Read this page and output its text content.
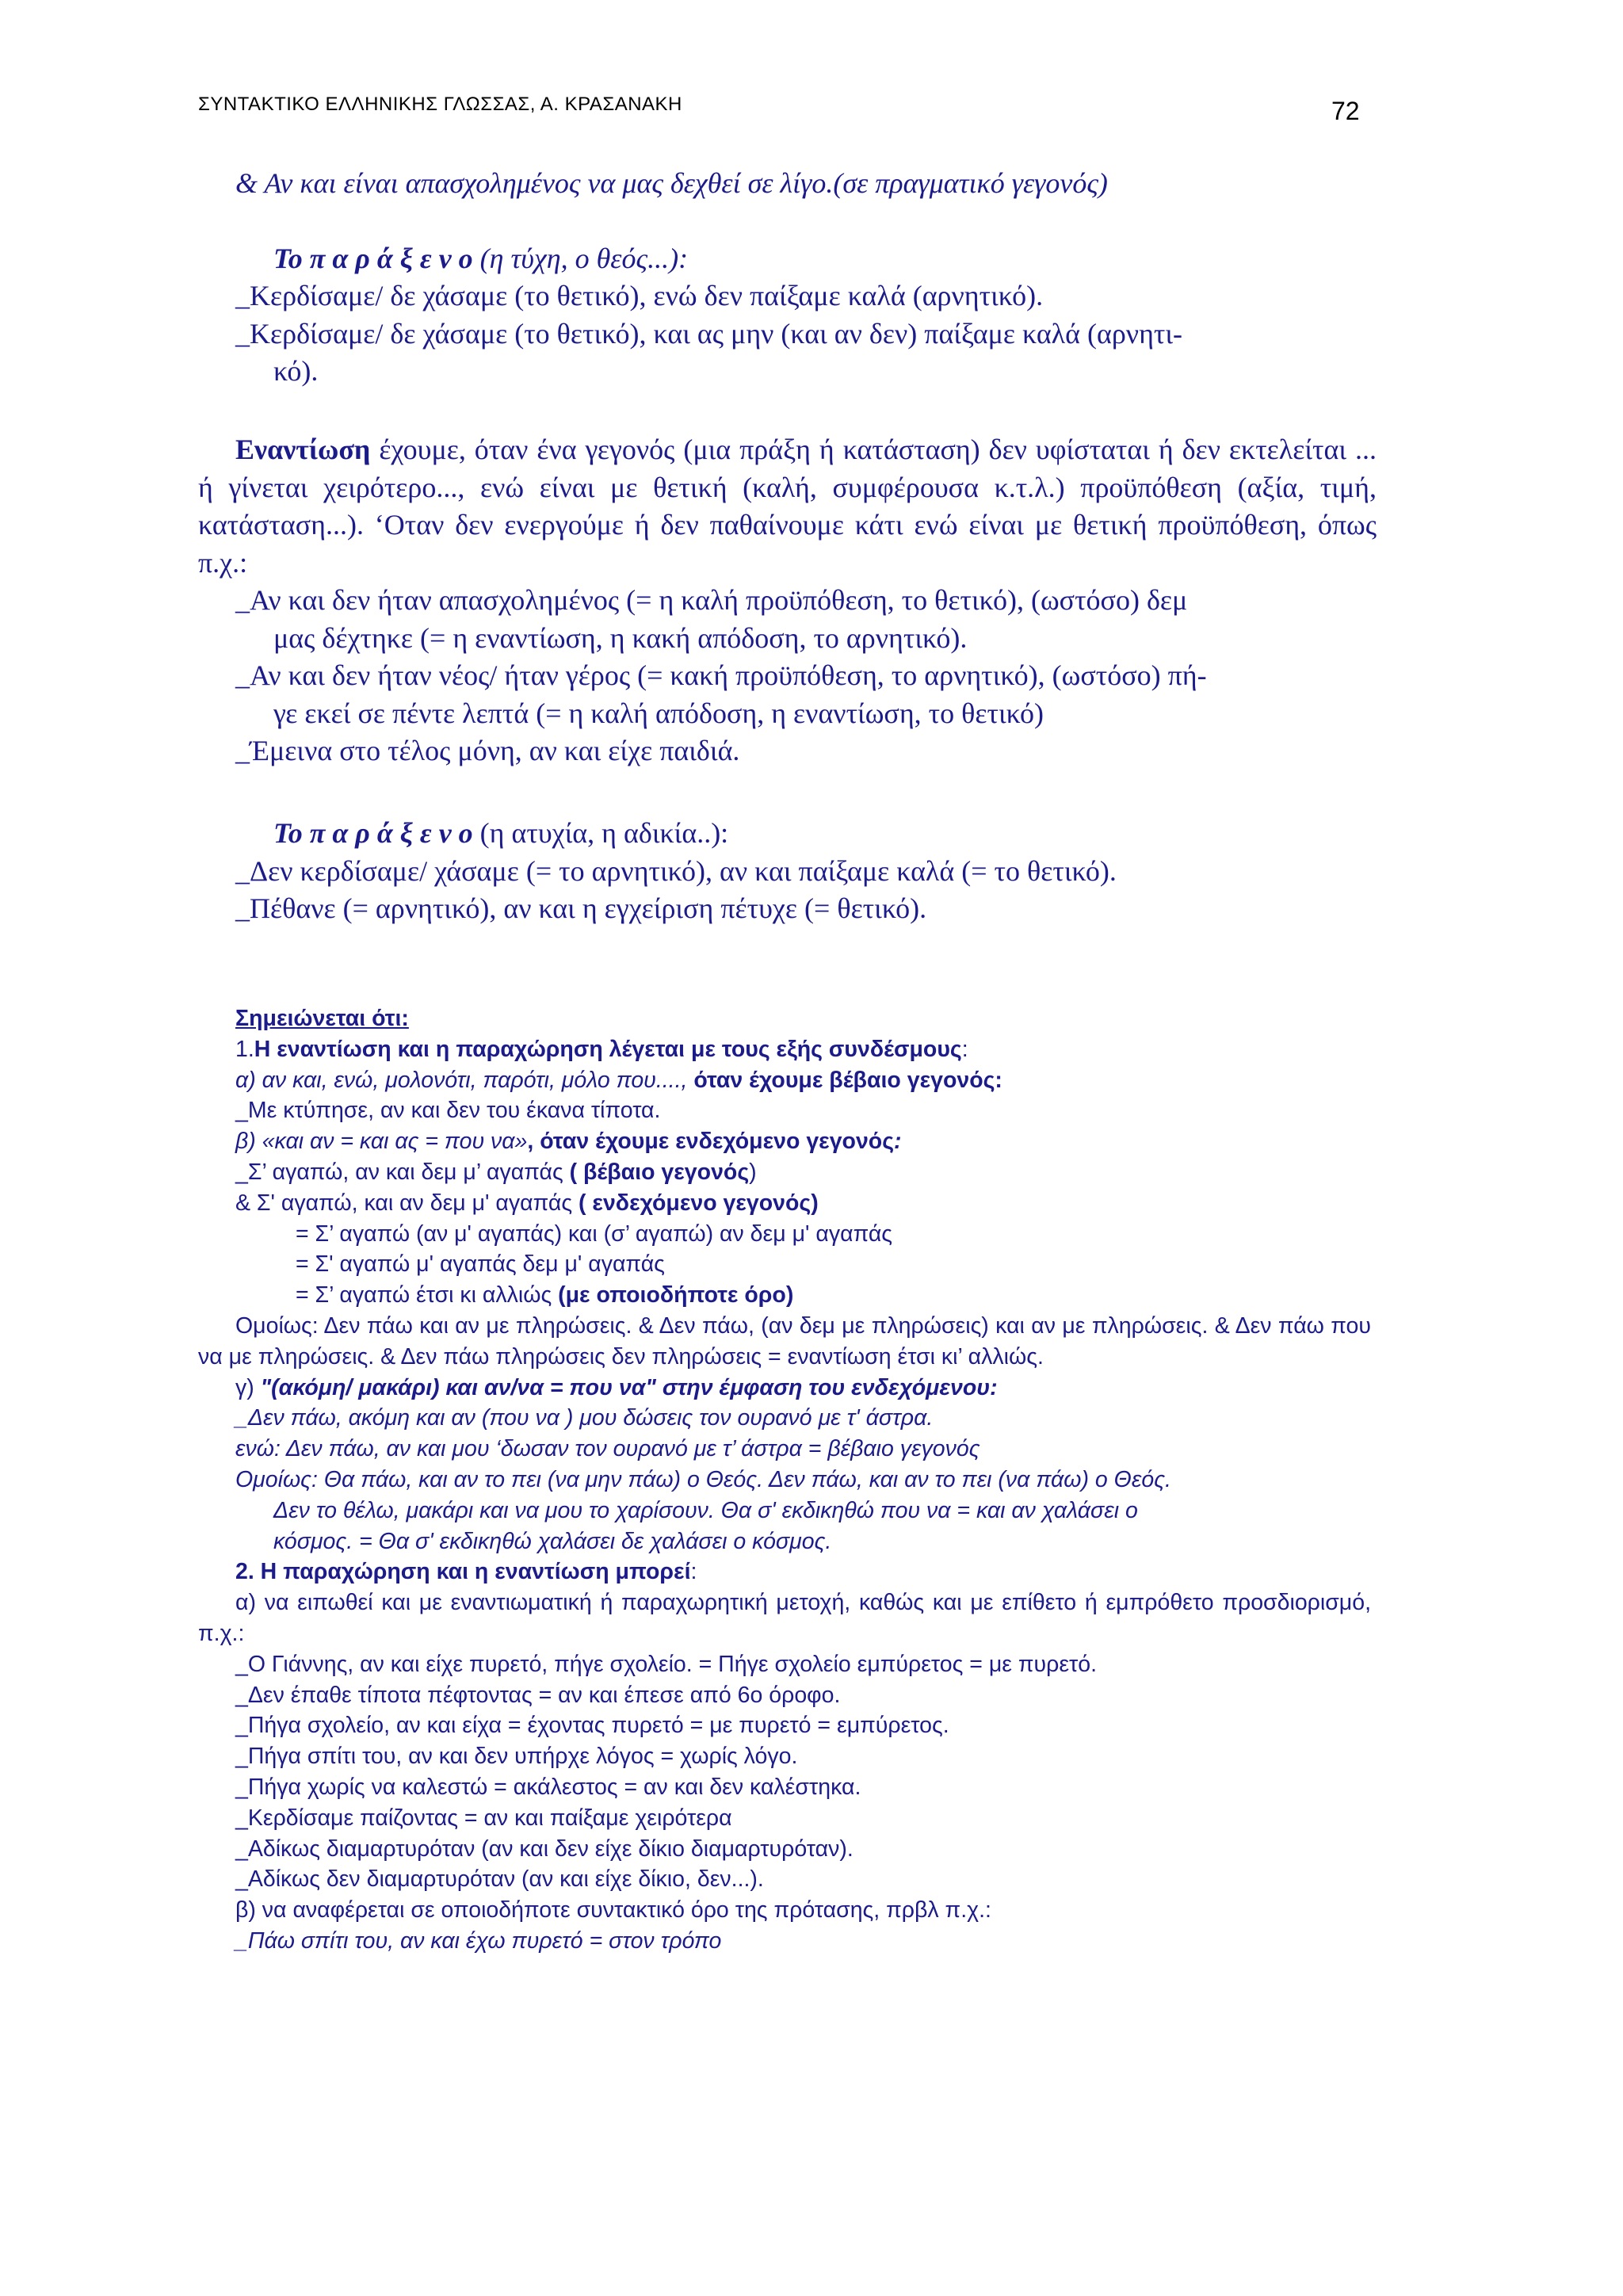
ΣΥΝΤΑΚΤΙΚΟ ΕΛΛΗΝΙΚΗΣ ΓΛΩΣΣΑΣ, Α. ΚΡΑΣΑΝΑΚΗ	72
& Αν και είναι απασχολημένος να μας δεχθεί σε λίγο.(σε πραγματικό γεγονός)
Το π α ρ ά ξ ε ν ο (η τύχη, ο θεός...):
_Κερδίσαμε/ δε χάσαμε (το θετικό), ενώ δεν παίξαμε καλά (αρνητικό).
_Κερδίσαμε/ δε χάσαμε (το θετικό), και ας μην (και αν δεν) παίξαμε καλά (αρνητι-
κό).
Εναντίωση έχουμε, όταν ένα γεγονός (μια πράξη ή κατάσταση) δεν υφίσταται ή δεν εκτελείται ... ή γίνεται χειρότερο..., ενώ είναι με θετική (καλή, συμφέρουσα κ.τ.λ.) προϋπόθεση (αξία, τιμή, κατάσταση...). ‘Οταν δεν ενεργούμε ή δεν παθαίνουμε κάτι ενώ είναι με θετική προϋπόθεση, όπως π.χ.:
_Αν και δεν ήταν απασχολημένος (= η καλή προϋπόθεση, το θετικό), (ωστόσο) δεμ
μας δέχτηκε (= η εναντίωση, η κακή απόδοση, το αρνητικό).
_Αν και δεν ήταν νέος/ ήταν γέρος (= κακή προϋπόθεση, το αρνητικό), (ωστόσο) πή-
γε εκεί σε πέντε λεπτά (= η καλή απόδοση, η εναντίωση, το θετικό)
_Έμεινα στο τέλος μόνη, αν και είχε παιδιά.
Το π α ρ ά ξ ε ν ο (η ατυχία, η αδικία..):
_Δεν κερδίσαμε/ χάσαμε (= το αρνητικό), αν και παίξαμε καλά (= το θετικό).
_Πέθανε (= αρνητικό), αν και η εγχείριση πέτυχε (= θετικό).
Σημειώνεται ότι:
1.Η εναντίωση και η παραχώρηση λέγεται με τους εξής συνδέσμους:
α) αν και, ενώ, μολονότι, παρότι, μόλο που...., όταν έχουμε βέβαιο γεγονός:
_Με κτύπησε, αν και δεν του έκανα τίποτα.
β) «και αν = και ας = που να», όταν έχουμε ενδεχόμενο γεγονός:
_Σ’ αγαπώ, αν και δεμ μ’ αγαπάς ( βέβαιο γεγονός)
& Σ' αγαπώ, και αν δεμ μ' αγαπάς ( ενδεχόμενο γεγονός)
= Σ’ αγαπώ (αν μ' αγαπάς) και (σ’ αγαπώ) αν δεμ μ' αγαπάς
= Σ' αγαπώ μ' αγαπάς δεμ μ' αγαπάς
= Σ’ αγαπώ έτσι κι αλλιώς (με οποιοδήποτε όρο)
Ομοίως: Δεν πάω και αν με πληρώσεις. & Δεν πάω, (αν δεμ με πληρώσεις) και αν με πληρώσεις. & Δεν πάω που να με πληρώσεις. & Δεν πάω πληρώσεις δεν πληρώσεις = εναντίωση έτσι κι’ αλλιώς.
γ) "(ακόμη/ μακάρι) και αν/να = που να" στην έμφαση του ενδεχόμενου:
_Δεν πάω, ακόμη και αν (που να ) μου δώσεις τον ουρανό με τ' άστρα.
ενώ: Δεν πάω, αν και μου ‘δωσαν τον ουρανό με τ’ άστρα = βέβαιο γεγονός
Ομοίως: Θα πάω, και αν το πει (να μην πάω) ο Θεός. Δεν πάω, και αν το πει (να πάω) ο Θεός.
Δεν το θέλω, μακάρι και να μου το χαρίσουν. Θα σ' εκδικηθώ που να = και αν χαλάσει ο
κόσμος. = Θα σ' εκδικηθώ χαλάσει δε χαλάσει ο κόσμος.
2. Η παραχώρηση και η εναντίωση μπορεί:
α) να ειπωθεί και με εναντιωματική ή παραχωρητική μετοχή, καθώς και με επίθετο ή εμπρόθετο προσδιορισμό, π.χ.:
_Ο Γιάννης, αν και είχε πυρετό, πήγε σχολείο. = Πήγε σχολείο εμπύρετος = με πυρετό.
_Δεν έπαθε τίποτα πέφτοντας = αν και έπεσε από 6ο όροφο.
_Πήγα σχολείο, αν και είχα = έχοντας πυρετό = με πυρετό = εμπύρετος.
_Πήγα σπίτι του, αν και δεν υπήρχε λόγος = χωρίς λόγο.
_Πήγα χωρίς να καλεστώ = ακάλεστος = αν και δεν καλέστηκα.
_Κερδίσαμε παίζοντας = αν και παίξαμε χειρότερα
_Αδίκως διαμαρτυρόταν (αν και δεν είχε δίκιο διαμαρτυρόταν).
_Αδίκως δεν διαμαρτυρόταν (αν και είχε δίκιο, δεν...).
β) να αναφέρεται σε οποιοδήποτε συντακτικό όρο της πρότασης, πρβλ π.χ.:
_Πάω σπίτι του, αν και έχω πυρετό = στον τρόπο
